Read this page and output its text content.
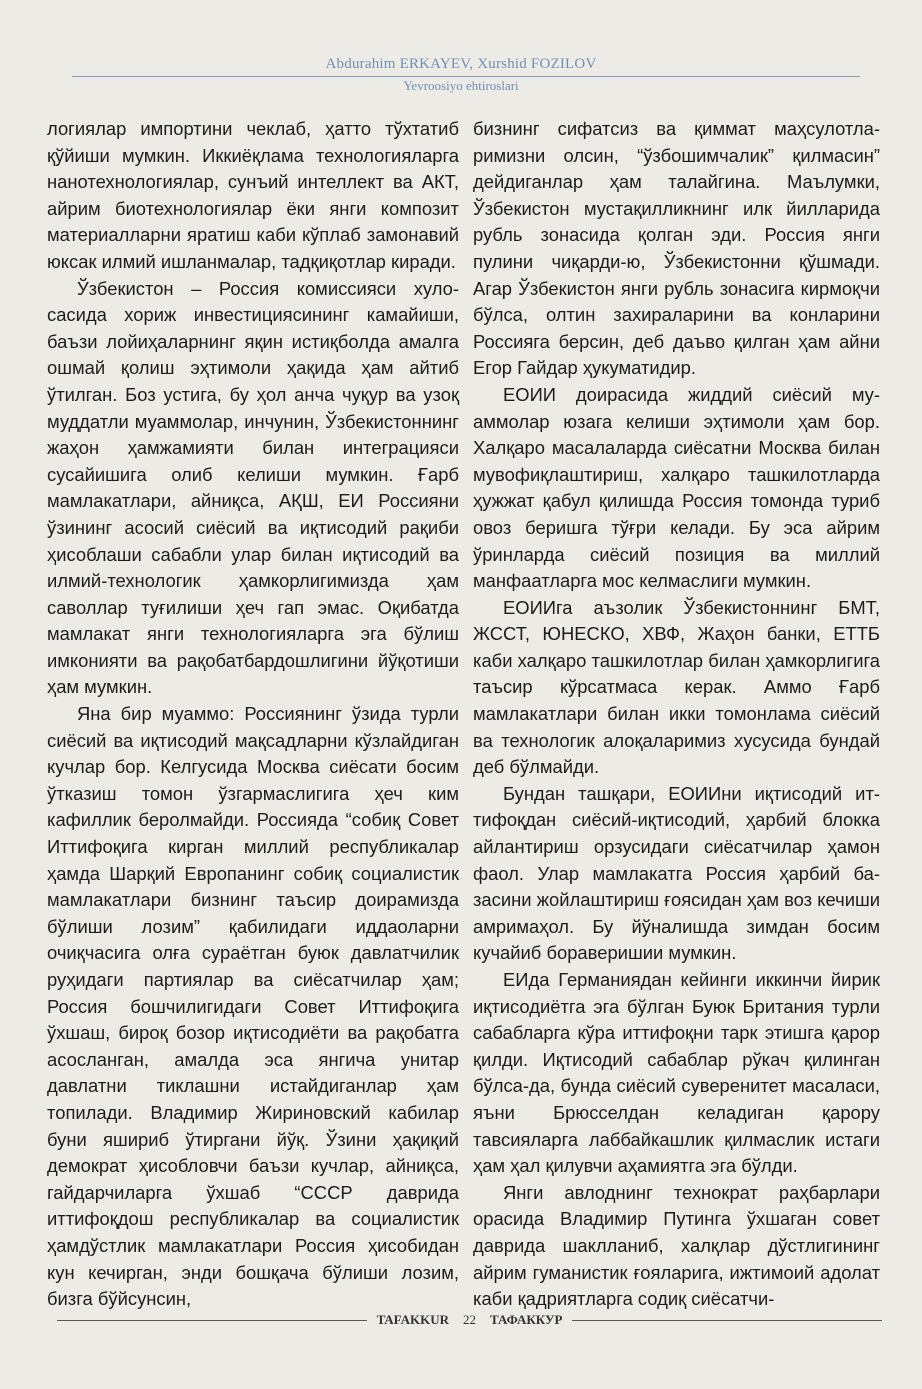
Abdurahim ERKAYEV, Xurshid FOZILOV
Yevroosiyo ehtiroslari

логиялар импортини чеклаб, ҳатто тўхтатиб қўйиши мумкин. Иккиёқлама технологияларга нанотехнологиялар, сунъий интеллект ва АКТ, айрим биотехнологиялар ёки янги композит материалларни яратиш каби кўплаб замонавий юксак илмий ишланмалар, тадқиқотлар киради.

Ўзбекистон – Россия комиссияси хулосасида хориж инвестициясининг камайиши, баъзи лойиҳаларнинг яқин истиқболда амалга ошмай қолиш эҳтимоли ҳақида ҳам айтиб ўтилган. Боз устига, бу ҳол анча чуқур ва узоқ муддатли муаммолар, инчунин, Ўзбекистоннинг жаҳон ҳамжамияти билан интеграцияси сусайишига олиб келиши мумкин. Ғарб мамлакатлари, айниқса, АҚШ, ЕИ Россияни ўзининг асосий сиёсий ва иқтисодий рақиби ҳисоблаши сабабли улар билан иқтисодий ва илмий-технологик ҳамкорлигимизда ҳам саволлар туғилиши ҳеч гап эмас. Оқибатда мамлакат янги технологияларга эга бўлиш имконияти ва рақобатбардошлигини йўқотиши ҳам мумкин.

Яна бир муаммо: Россиянинг ўзида турли сиёсий ва иқтисодий мақсадларни кўзлайдиган кучлар бор. Келгусида Москва сиёсати босим ўтказиш томон ўзгармаслигига ҳеч ким кафиллик беролмайди. Россияда “собиқ Совет Иттифоқига кирган миллий республикалар ҳамда Шарқий Европанинг собиқ социалистик мамлакатлари бизнинг таъсир доирамизда бўлиши лозим” қабилидаги иддаоларни очиқчасига олға сураётган буюк давлатчилик руҳидаги партиялар ва сиёсатчилар ҳам; Россия бошчилигидаги Совет Иттифоқига ўхшаш, бироқ бозор иқтисодиёти ва рақобатга асосланган, амалда эса янгича унитар давлатни тиклашни истайдиганлар ҳам топилади. Владимир Жириновский кабилар буни яшириб ўтиргани йўқ. Ўзини ҳақиқий демократ ҳисобловчи баъзи кучлар, айниқса, гайдарчиларга ўхшаб “СССР даврида иттифоқдош республикалар ва социалистик ҳамдўстлик мамлакатлари Россия ҳисобидан кун кечирган, энди бошқача бўлиши лозим, бизга бўйсунсин,

бизнинг сифатсиз ва қиммат маҳсулотларимизни олсин, “ўзбошимчалик” қилмасин” дейдиганлар ҳам талайгина. Маълумки, Ўзбекистон мустақилликнинг илк йилларида рубль зонасида қолган эди. Россия янги пулини чиқарди-ю, Ўзбекистонни қўшмади. Агар Ўзбекистон янги рубль зонасига кирмоқчи бўлса, олтин захираларини ва конларини Россияга берсин, деб даъво қилган ҳам айни Егор Гайдар ҳукуматидир.

ЕОИИ доирасида жиддий сиёсий муаммолар юзага келиши эҳтимоли ҳам бор. Халқаро масалаларда сиёсатни Москва билан мувофиқлаштириш, халқаро ташкилотларда ҳужжат қабул қилишда Россия томонда туриб овоз беришга тўғри келади. Бу эса айрим ўринларда сиёсий позиция ва миллий манфаатларга мос келмаслиги мумкин.

ЕОИИга аъзолик Ўзбекистоннинг БМТ, ЖССТ, ЮНЕСКО, ХВФ, Жаҳон банки, ЕТТБ каби халқаро ташкилотлар билан ҳамкорлигига таъсир кўрсатмаса керак. Аммо Ғарб мамлакатлари билан икки томонлама сиёсий ва технологик алоқаларимиз хусусида бундай деб бўлмайди.

Бундан ташқари, ЕОИИни иқтисодий иттифоқдан сиёсий-иқтисодий, ҳарбий блокка айлантириш орзусидаги сиёсатчилар ҳамон фаол. Улар мамлакатга Россия ҳарбий базасини жойлаштириш ғоясидан ҳам воз кечиши амримаҳол. Бу йўналишда зимдан босим кучайиб бораверишии мумкин.

ЕИда Германиядан кейинги иккинчи йирик иқтисодиётга эга бўлган Буюк Британия турли сабабларга кўра иттифоқни тарк этишга қарор қилди. Иқтисодий сабаблар рўкач қилинган бўлса-да, бунда сиёсий суверенитет масаласи, яъни Брюсселдан келадиган қарору тавсияларга лаббайкашлик қилмаслик истаги ҳам ҳал қилувчи аҳамиятга эга бўлди.

Янги авлоднинг технократ раҳбарлари орасида Владимир Путинга ўхшаган совет даврида шаклланиб, халқлар дўстлигининг айрим гуманистик ғояларига, ижтимоий адолат каби қадриятларга содиқ сиёсатчи-

TAFAKKUR	22	ТАФАККУР
